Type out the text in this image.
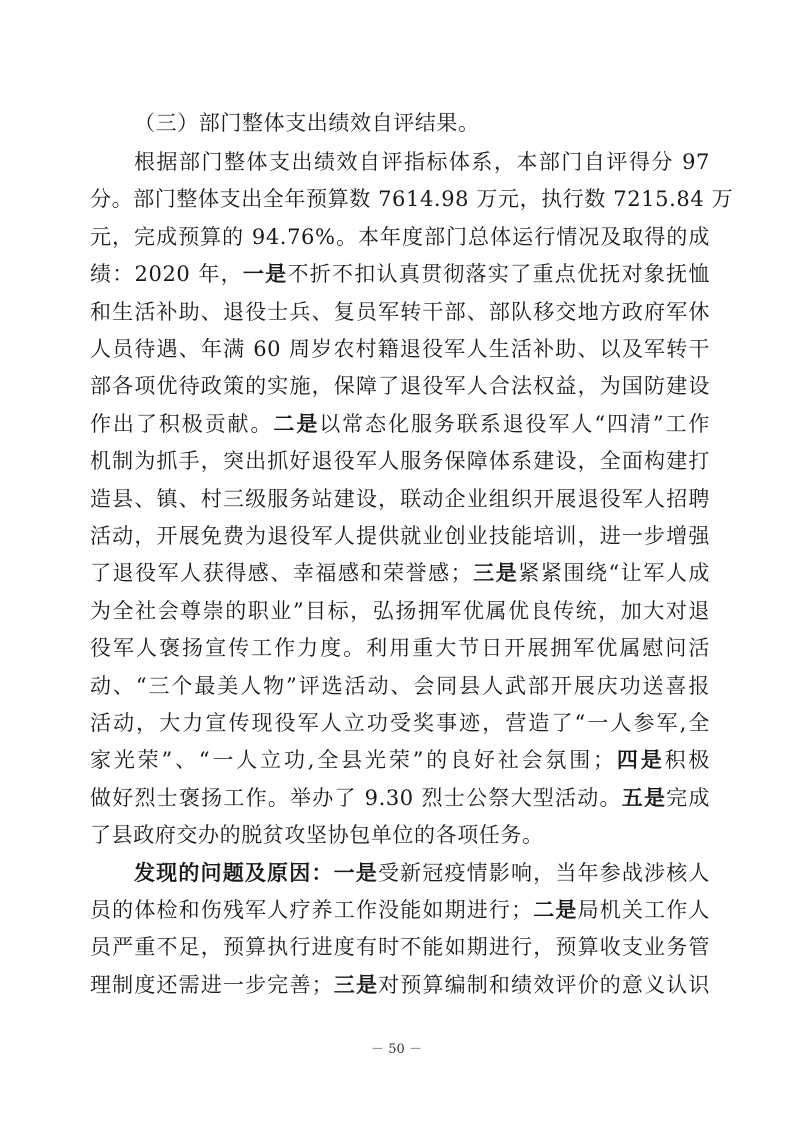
（三）部门整体支出绩效自评结果。
根据部门整体支出绩效自评指标体系，本部门自评得分 97
分。部门整体支出全年预算数 7614.98 万元，执行数 7215.84 万
元，完成预算的 94.76%。本年度部门总体运行情况及取得的成
绩：2020 年，一是不折不扣认真贯彻落实了重点优抚对象抚恤
和生活补助、退役士兵、复员军转干部、部队移交地方政府军休
人员待遇、年满 60 周岁农村籍退役军人生活补助、以及军转干
部各项优待政策的实施，保障了退役军人合法权益，为国防建设
作出了积极贡献。二是以常态化服务联系退役军人“四清”工作
机制为抓手，突出抓好退役军人服务保障体系建设，全面构建打
造县、镇、村三级服务站建设，联动企业组织开展退役军人招聘
活动，开展免费为退役军人提供就业创业技能培训，进一步增强
了退役军人获得感、幸福感和荣誉感；三是紧紧围绕“让军人成
为全社会尊崇的职业”目标，弘扬拥军优属优良传统，加大对退
役军人褒扬宣传工作力度。利用重大节日开展拥军优属慰问活
动、“三个最美人物”评选活动、会同县人武部开展庆功送喜报
活动，大力宣传现役军人立功受奖事迹，营造了“一人参军,全
家光荣”、“一人立功,全县光荣”的良好社会氛围；四是积极
做好烈士褒扬工作。举办了 9.30 烈士公祭大型活动。五是完成
了县政府交办的脱贫攻坚协包单位的各项任务。
发现的问题及原因：一是受新冠疫情影响，当年参战涉核人
员的体检和伤残军人疗养工作没能如期进行；二是局机关工作人
员严重不足，预算执行进度有时不能如期进行，预算收支业务管
理制度还需进一步完善；三是对预算编制和绩效评价的意义认识
－ 50 －
